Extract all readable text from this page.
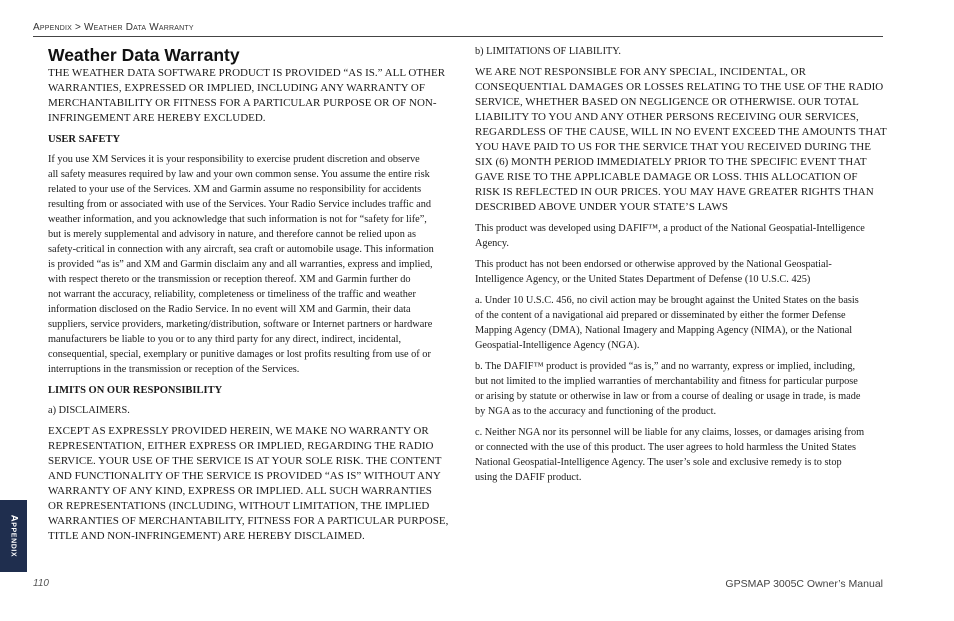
Appendix > Weather Data Warranty
Weather Data Warranty
THE WEATHER DATA SOFTWARE PRODUCT IS PROVIDED “AS IS.” ALL OTHER
WARRANTIES, EXPRESSED OR IMPLIED, INCLUDING ANY WARRANTY OF
MERCHANTABILITY OR FITNESS FOR A PARTICULAR PURPOSE OR OF NON-
INFRINGEMENT ARE HEREBY EXCLUDED.
USER SAFETY
If you use XM Services it is your responsibility to exercise prudent discretion and observe
all safety measures required by law and your own common sense. You assume the entire risk
related to your use of the Services. XM and Garmin assume no responsibility for accidents
resulting from or associated with use of the Services. Your Radio Service includes traffic and
weather information, and you acknowledge that such information is not for “safety for life”,
but is merely supplemental and advisory in nature, and therefore cannot be relied upon as
safety-critical in connection with any aircraft, sea craft or automobile usage. This information
is provided “as is” and XM and Garmin disclaim any and all warranties, express and implied,
with respect thereto or the transmission or reception thereof. XM and Garmin further do
not warrant the accuracy, reliability, completeness or timeliness of the traffic and weather
information disclosed on the Radio Service. In no event will XM and Garmin, their data
suppliers, service providers, marketing/distribution, software or Internet partners or hardware
manufacturers be liable to you or to any third party for any direct, indirect, incidental,
consequential, special, exemplary or punitive damages or lost profits resulting from use of or
interruptions in the transmission or reception of the Services.
LIMITS ON OUR RESPONSIBILITY
a) DISCLAIMERS.
EXCEPT AS EXPRESSLY PROVIDED HEREIN, WE MAKE NO WARRANTY OR
REPRESENTATION, EITHER EXPRESS OR IMPLIED, REGARDING THE RADIO
SERVICE. YOUR USE OF THE SERVICE IS AT YOUR SOLE RISK. THE CONTENT
AND FUNCTIONALITY OF THE SERVICE IS PROVIDED “AS IS” WITHOUT ANY
WARRANTY OF ANY KIND, EXPRESS OR IMPLIED. ALL SUCH WARRANTIES
OR REPRESENTATIONS (INCLUDING, WITHOUT LIMITATION, THE IMPLIED
WARRANTIES OF MERCHANTABILITY, FITNESS FOR A PARTICULAR PURPOSE,
TITLE AND NON-INFRINGEMENT) ARE HEREBY DISCLAIMED.
b) LIMITATIONS OF LIABILITY.
WE ARE NOT RESPONSIBLE FOR ANY SPECIAL, INCIDENTAL, OR
CONSEQUENTIAL DAMAGES OR LOSSES RELATING TO THE USE OF THE RADIO
SERVICE, WHETHER BASED ON NEGLIGENCE OR OTHERWISE. OUR TOTAL
LIABILITY TO YOU AND ANY OTHER PERSONS RECEIVING OUR SERVICES,
REGARDLESS OF THE CAUSE, WILL IN NO EVENT EXCEED THE AMOUNTS THAT
YOU HAVE PAID TO US FOR THE SERVICE THAT YOU RECEIVED DURING THE
SIX (6) MONTH PERIOD IMMEDIATELY PRIOR TO THE SPECIFIC EVENT THAT
GAVE RISE TO THE APPLICABLE DAMAGE OR LOSS. THIS ALLOCATION OF
RISK IS REFLECTED IN OUR PRICES. YOU MAY HAVE GREATER RIGHTS THAN
DESCRIBED ABOVE UNDER YOUR STATE’S LAWS
This product was developed using DAFIF™, a product of the National Geospatial-Intelligence
Agency.
This product has not been endorsed or otherwise approved by the National Geospatial-
Intelligence Agency, or the United States Department of Defense (10 U.S.C. 425)
a. Under 10 U.S.C. 456, no civil action may be brought against the United States on the basis
of the content of a navigational aid prepared or disseminated by either the former Defense
Mapping Agency (DMA), National Imagery and Mapping Agency (NIMA), or the National
Geospatial-Intelligence Agency (NGA).
b. The DAFIF™ product is provided “as is,” and no warranty, express or implied, including,
but not limited to the implied warranties of merchantability and fitness for particular purpose
or arising by statute or otherwise in law or from a course of dealing or usage in trade, is made
by NGA as to the accuracy and functioning of the product.
c. Neither NGA nor its personnel will be liable for any claims, losses, or damages arising from
or connected with the use of this product. The user agrees to hold harmless the United States
National Geospatial-Intelligence Agency. The user’s sole and exclusive remedy is to stop
using the DAFIF product.
Appendix
110	GPSMAP 3005C Owner’s Manual
